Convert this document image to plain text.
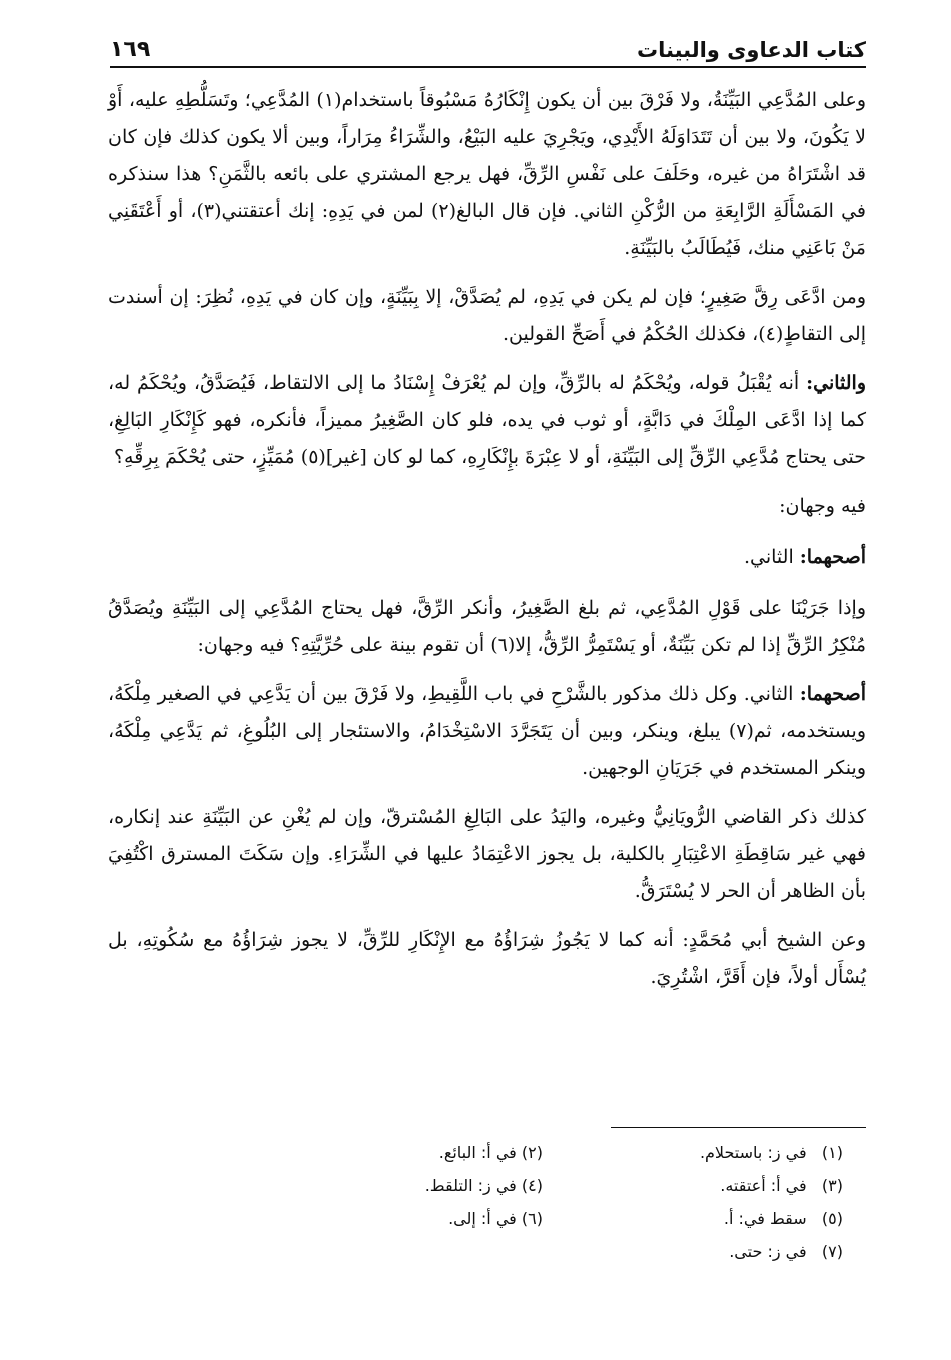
كتاب الدعاوى والبينات
١٦٩

وعلى المُدَّعِي البَيِّنَةُ، ولا فَرْقَ بين أن يكون إِنْكَارُهُ مَسْبُوقاً باستخدام(١) المُدَّعِي؛ وتَسَلُّطِهِ عليه، أَوْ لا يَكُونَ، ولا بين أن تَتَدَاوَلَهُ الأَيْدِي، ويَجْرِيَ عليه البَيْعُ، والشِّرَاءُ مِرَاراً، وبين ألا يكون كذلك فإن كان قد اشْتَرَاهُ من غيره، وحَلَفَ على نَفْسِ الرِّقِّ، فهل يرجع المشتري على بائعه بالثَّمَنِ؟ هذا سنذكره في المَسْأَلَةِ الرَّابِعَةِ من الرُّكْنِ الثاني. فإن قال البالغ(٢) لمن في يَدِهِ: إنك أعتقتني(٣)، أو أَعْتَقَنِي مَنْ بَاعَنِي منك، فَيُطَالَبُ بالبَيِّنَةِ.

ومن ادَّعَى رِقَّ صَغِيرٍ؛ فإن لم يكن في يَدِهِ، لم يُصَدَّقْ، إلا بِبَيِّنَةٍ، وإن كان في يَدِهِ، نُظِرَ: إن أسندت إلى التقاطٍ(٤)، فكذلك الحُكْمُ في أَصَحِّ القولين.

والثاني: أنه يُقْبَلُ قوله، ويُحْكَمُ له بالرِّقِّ، وإن لم يُعْرَفْ إِسْنَادُ ما إلى الالتقاط، فَيُصَدَّقُ، ويُحْكَمُ له، كما إذا ادَّعَى المِلْكَ في دَابَّةٍ، أو ثوب في يده، فلو كان الصَّغِيرُ مميزاً، فأنكره، فهو كَإِنْكَارِ البَالِغِ، حتى يحتاج مُدَّعِي الرِّقِّ إلى البَيِّنَةِ، أو لا عِبْرَةَ بإِنْكَارِهِ، كما لو كان [غير](٥) مُمَيِّزٍ، حتى يُحْكَمَ بِرِقِّهِ؟

فيه وجهان:

أصحهما: الثاني.

وإذا جَرَيْنَا على قَوْلِ المُدَّعِي، ثم بلغ الصَّغِيرُ، وأنكر الرِّقَّ، فهل يحتاج المُدَّعِي إلى البَيِّنَةِ ويُصَدَّقُ مُنْكِرُ الرِّقِّ إذا لم تكن بَيِّنَةٌ، أو يَسْتَمِرُّ الرِّقُّ، إلا(٦) أن تقوم بينة على حُرِّيَّتِهِ؟ فيه وجهان:

أصحهما: الثاني. وكل ذلك مذكور بالشَّرْحِ في باب اللَّقِيطِ، ولا فَرْقَ بين أن يَدَّعِي في الصغير مِلْكَهُ، ويستخدمه، ثم(٧) يبلغ، وينكر، وبين أن يَتَجَرَّدَ الاسْتِخْدَامُ، والاستئجار إلى البُلُوغِ، ثم يَدَّعِي مِلْكَهُ، وينكر المستخدم في جَرَيَانِ الوجهين.

كذلك ذكر القاضي الرُّويَانِيُّ وغيره، واليَدُ على البَالِغِ المُسْترقّ، وإن لم يُغْنِ عن البَيِّنَةِ عند إنكاره، فهي غير سَاقِطَةِ الاعْتِبَارِ بالكلية، بل يجوز الاعْتِمَادُ عليها في الشِّرَاءِ. وإن سَكَتَ المسترق اكْتُفِيَ بأن الظاهر أن الحر لا يُسْتَرَقُّ.

وعن الشيخ أبي مُحَمَّدٍ: أنه كما لا يَجُوزُ شِرَاؤُهُ مع الإِنْكَارِ للرِّقِّ، لا يجوز شِرَاؤُهُ مع سُكُوتِهِ، بل يُسْأَل أولاً، فإن أَقَرَّ، اشْتُرِيَ.

(١)   في ز: باستحلام.
(٢) في أ: البائع.
(٣)   في أ: أعتقته.
(٤) في ز: التلقط.
(٥)   سقط في: أ.
(٦) في أ: إلى.
(٧)   في ز: حتى.
